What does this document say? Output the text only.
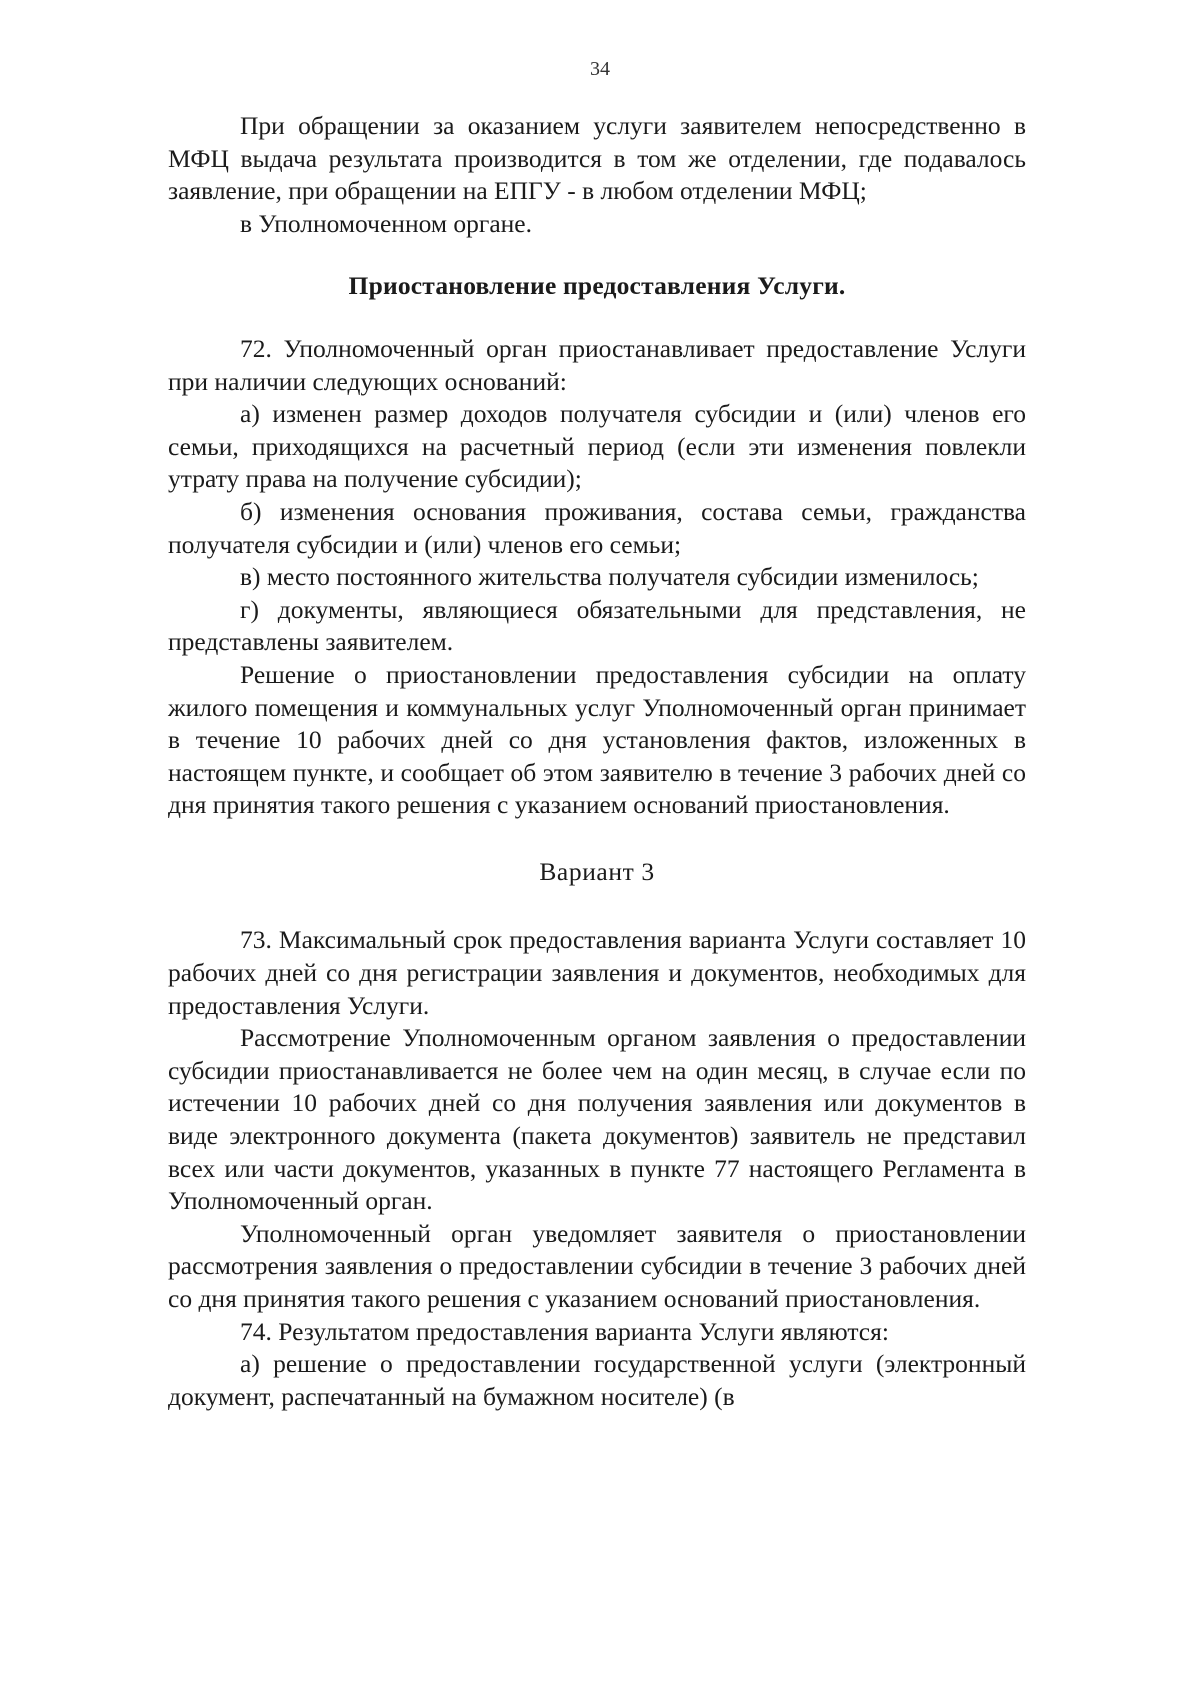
34

При обращении за оказанием услуги заявителем непосредственно в МФЦ выдача результата производится в том же отделении, где подавалось заявление, при обращении на ЕПГУ - в любом отделении МФЦ;

в Уполномоченном органе.

Приостановление предоставления Услуги.

72. Уполномоченный орган приостанавливает предоставление Услуги при наличии следующих оснований:

а) изменен размер доходов получателя субсидии и (или) членов его семьи, приходящихся на расчетный период (если эти изменения повлекли утрату права на получение субсидии);

б) изменения основания проживания, состава семьи, гражданства получателя субсидии и (или) членов его семьи;

в) место постоянного жительства получателя субсидии изменилось;

г) документы, являющиеся обязательными для представления, не представлены заявителем.

Решение о приостановлении предоставления субсидии на оплату жилого помещения и коммунальных услуг Уполномоченный орган принимает в течение 10 рабочих дней со дня установления фактов, изложенных в настоящем пункте, и сообщает об этом заявителю в течение 3 рабочих дней со дня принятия такого решения с указанием оснований приостановления.

Вариант 3

73. Максимальный срок предоставления варианта Услуги составляет 10 рабочих дней со дня регистрации заявления и документов, необходимых для предоставления Услуги.

Рассмотрение Уполномоченным органом заявления о предоставлении субсидии приостанавливается не более чем на один месяц, в случае если по истечении 10 рабочих дней со дня получения заявления или документов в виде электронного документа (пакета документов) заявитель не представил всех или части документов, указанных в пункте 77 настоящего Регламента в Уполномоченный орган.

Уполномоченный орган уведомляет заявителя о приостановлении рассмотрения заявления о предоставлении субсидии в течение 3 рабочих дней со дня принятия такого решения с указанием оснований приостановления.

74. Результатом предоставления варианта Услуги являются:

а) решение о предоставлении государственной услуги (электронный документ, распечатанный на бумажном носителе) (в
